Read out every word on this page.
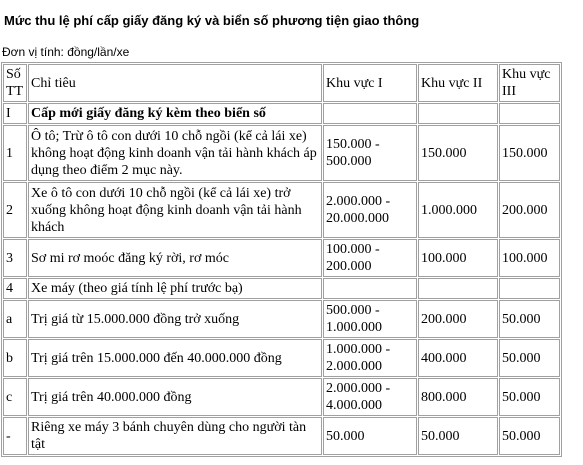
Mức thu lệ phí cấp giấy đăng ký và biển số phương tiện giao thông
Đơn vị tính: đồng/lần/xe
Số TT	Chỉ tiêu	Khu vực I	Khu vực II	Khu vực III
I	Cấp mới giấy đăng ký kèm theo biển số			
1	Ô tô; Trừ ô tô con dưới 10 chỗ ngồi (kể cả lái xe) không hoạt động kinh doanh vận tải hành khách áp dụng theo điểm 2 mục này.	150.000 - 500.000	150.000	150.000
2	Xe ô tô con dưới 10 chỗ ngồi (kể cả lái xe) trở xuống không hoạt động kinh doanh vận tải hành khách	2.000.000 - 20.000.000	1.000.000	200.000
3	Sơ mi rơ moóc đăng ký rời, rơ móc	100.000 - 200.000	100.000	100.000
4	Xe máy (theo giá tính lệ phí trước bạ)			
a	Trị giá từ 15.000.000 đồng trở xuống	500.000 - 1.000.000	200.000	50.000
b	Trị giá trên 15.000.000 đến 40.000.000 đồng	1.000.000 - 2.000.000	400.000	50.000
c	Trị giá trên 40.000.000 đồng	2.000.000 - 4.000.000	800.000	50.000
-	Riêng xe máy 3 bánh chuyên dùng cho người tàn tật	50.000	50.000	50.000
